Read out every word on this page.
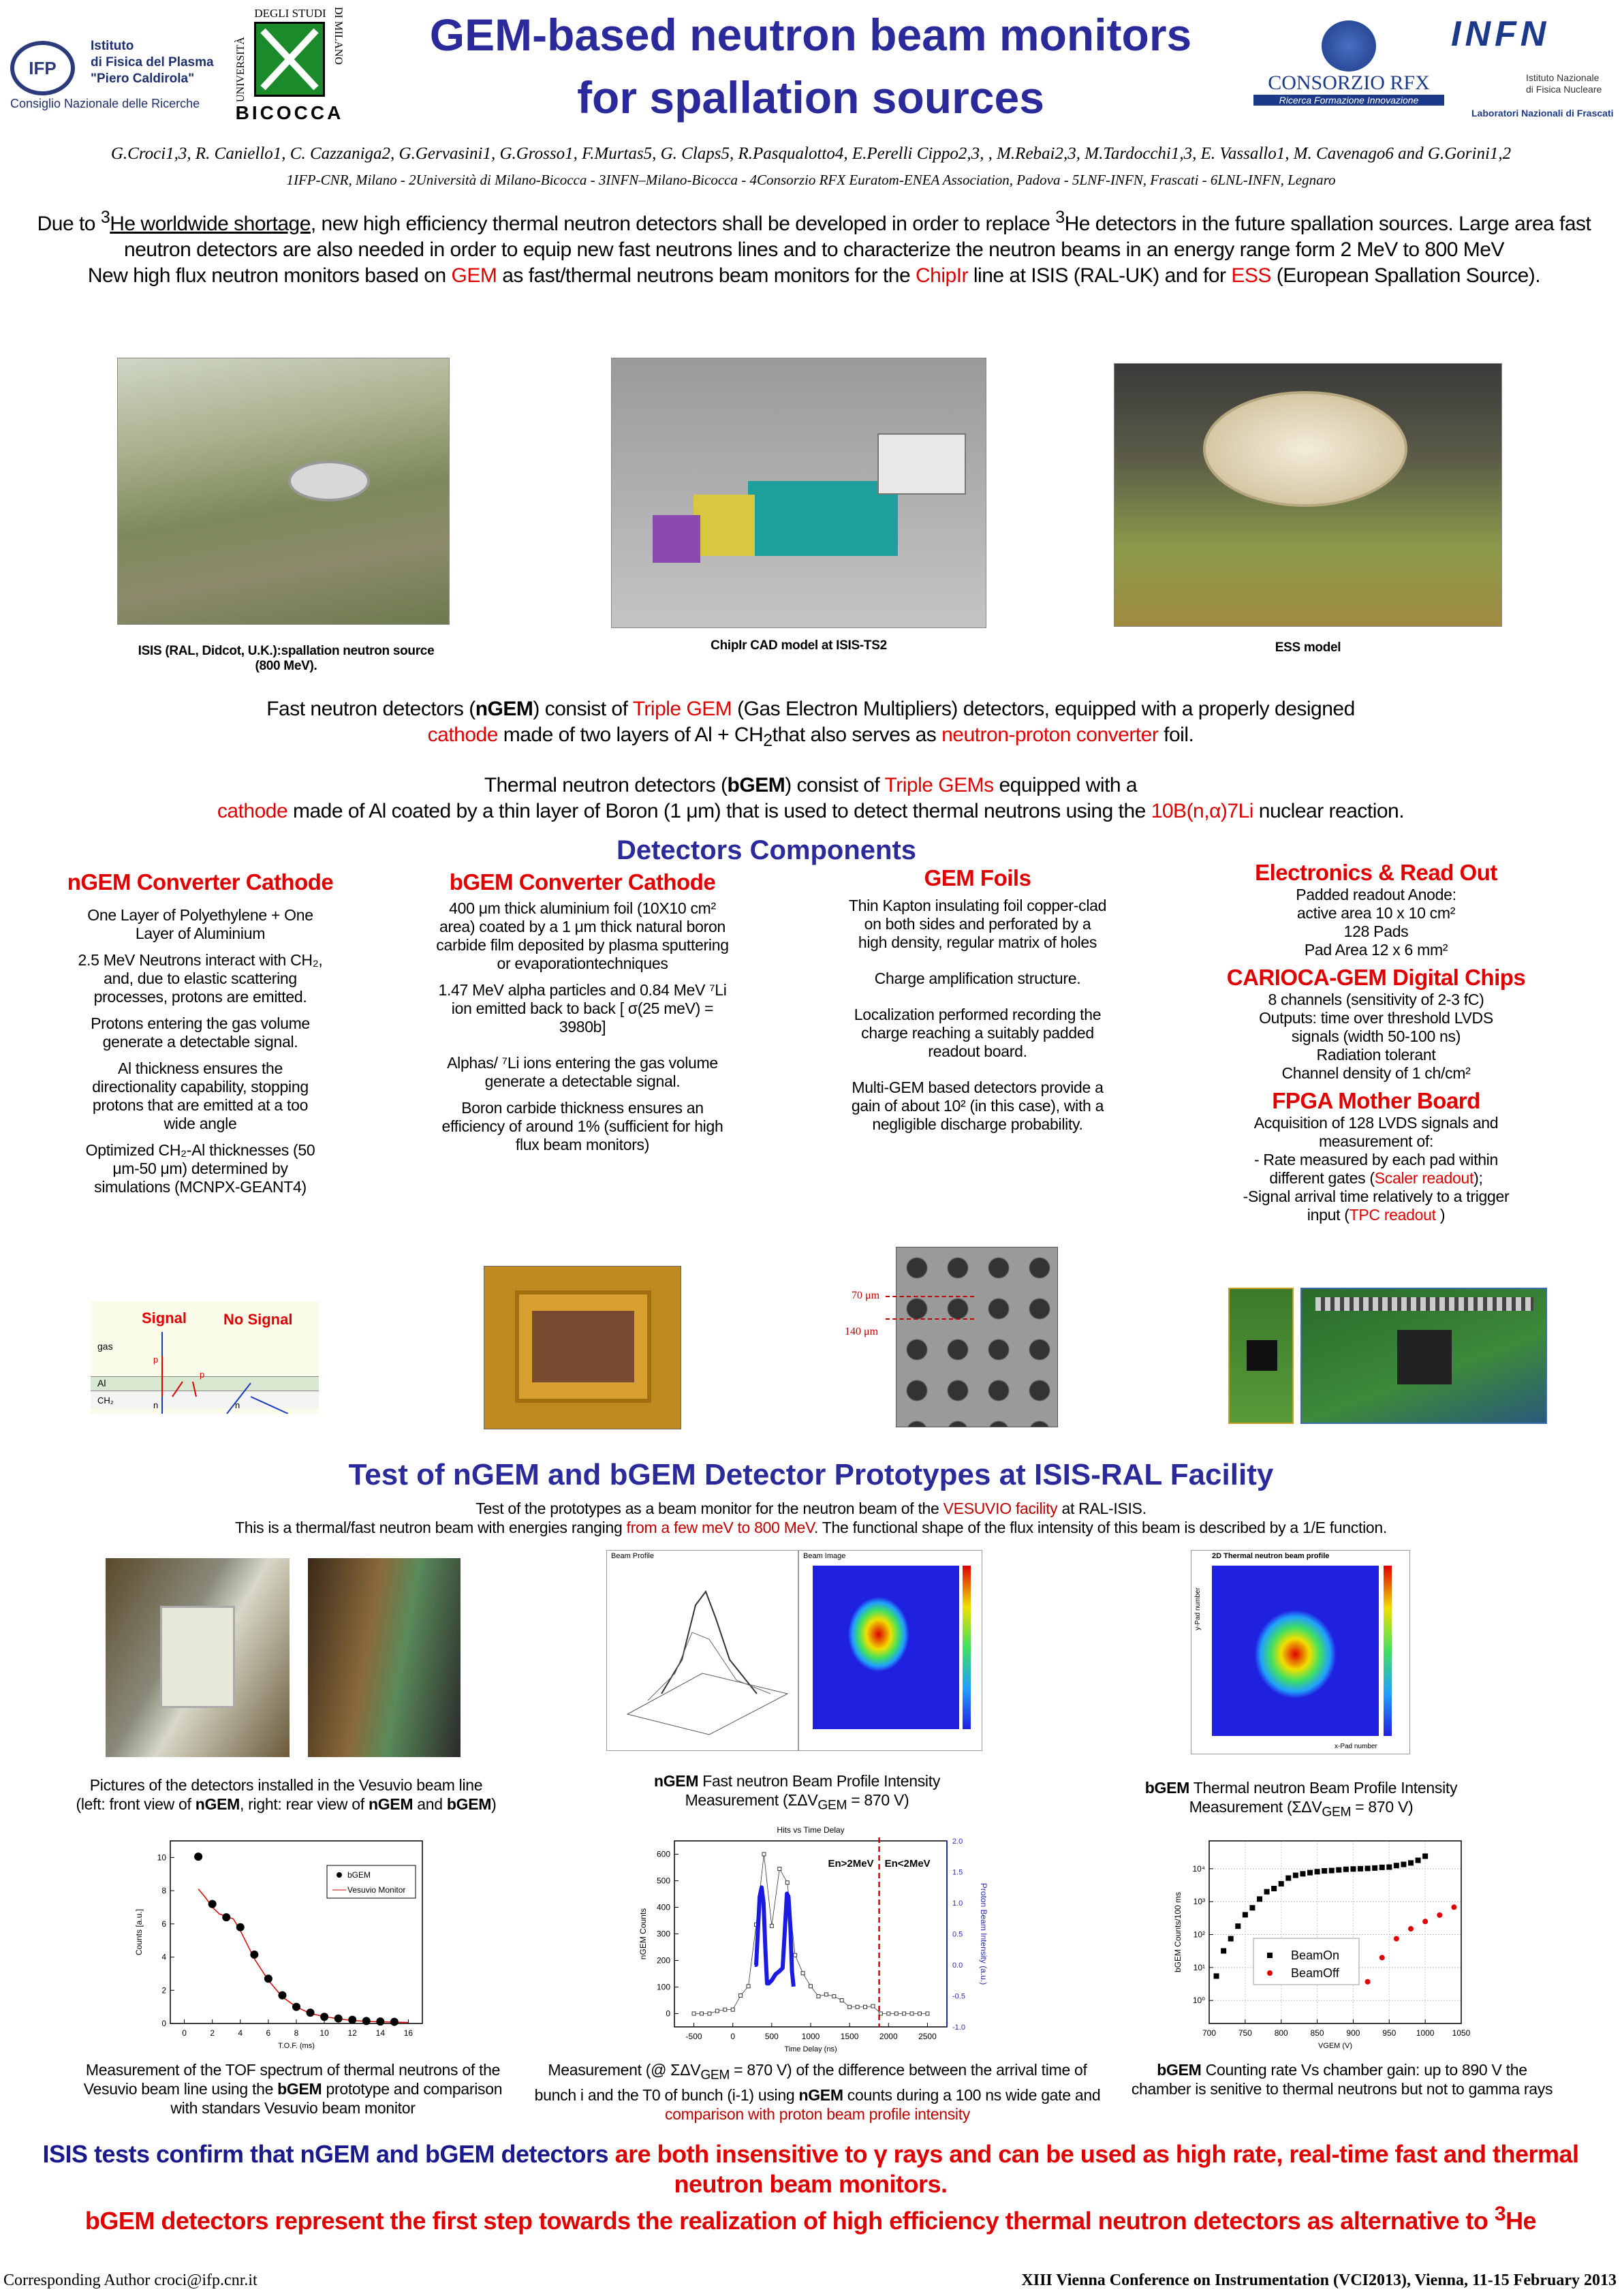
IFP
Istituto
di Fisica del Plasma
"Piero Caldirola"
Consiglio Nazionale delle Ricerche
UNIVERSITÀ
DEGLI STUDI DI MILANO
BICOCCA
GEM-based neutron beam monitors
for spallation sources	CONSORZIO RFX
Ricerca Formazione Innovazione
INFN
Istituto Nazionale
di Fisica Nucleare
Laboratori Nazionali di Frascati
G.Croci1,3, R. Caniello1, C. Cazzaniga2, G.Gervasini1, G.Grosso1, F.Murtas5, G. Claps5, R.Pasqualotto4, E.Perelli Cippo2,3, , M.Rebai2,3, M.Tardocchi1,3, E. Vassallo1, M. Cavenago6 and G.Gorini1,2
1IFP-CNR, Milano - 2Università di Milano-Bicocca - 3INFN–Milano-Bicocca - 4Consorzio RFX Euratom-ENEA Association, Padova - 5LNF-INFN, Frascati - 6LNL-INFN, Legnaro

Due to $^3$He worldwide shortage, new high efficiency thermal neutron detectors shall be developed in order to replace $^3$He detectors in the future spallation sources. Large area fast neutron detectors are also needed in order to equip new fast neutrons lines and to characterize the neutron beams in an energy range form 2 MeV to 800 MeV

New high flux neutron monitors based on GEM as fast/thermal neutrons beam monitors for the ChipIr line at ISIS (RAL-UK) and for ESS (European Spallation Source).

ISIS (RAL, Didcot, U.K.):spallation neutron source (800 MeV).
ChipIr CAD model at ISIS-TS2	ESS model
Fast neutron detectors (nGEM) consist of Triple GEM (Gas Electron Multipliers) detectors, equipped with a properly designed
cathode made of two layers of $Al + CH_2that$ also serves as neutron-proton converter foil.
Thermal neutron detectors (bGEM) consist of Triple GEMs equipped with a
cathode made of Al coated by a thin layer of Boron (1 μm) that is used to detect thermal neutrons using the 10B(n,α)7Li nuclear reaction.
Detectors Components
nGEM Converter Cathode

One Layer of Polyethylene + One Layer of Aluminium

2.5 MeV Neutrons interact with CH₂, and, due to elastic scattering processes, protons are emitted.

Protons entering the gas volume generate a detectable signal.

Al thickness ensures the directionality capability, stopping protons that are emitted at a too wide angle

Optimized CH₂-Al thicknesses (50 μm-50 μm) determined by simulations (MCNPX-GEANT4)

Signal No Signal
gas
Al
CH₂
p
p
n	n
bGEM Converter Cathode

400 μm thick aluminium foil (10X10 cm² area) coated by a 1 μm thick natural boron carbide film deposited by plasma sputtering or evaporationtechniques

1.47 MeV alpha particles and 0.84 MeV ⁷Li ion emitted back to back [ σ(25 meV) = 3980b]

Alphas/ ⁷Li ions entering the gas volume generate a detectable signal.

Boron carbide thickness ensures an efficiency of around 1% (sufficient for high flux beam monitors)

GEM Foils

Thin Kapton insulating foil copper-clad on both sides and perforated by a high density, regular matrix of holes

Charge amplification structure.

Localization performed recording the charge reaching a suitably padded readout board.

Multi-GEM based detectors provide a gain of about 10² (in this case), with a negligible discharge probability.

70 μm
140 μm
Electronics & Read Out
Padded readout Anode:
active area 10 x 10 cm²
128 Pads
Pad Area 12 x 6 mm²
CARIOCA-GEM Digital Chips
8 channels (sensitivity of 2-3 fC)
Outputs: time over threshold LVDS
signals (width 50-100 ns)
Radiation tolerant
Channel density of 1 ch/cm²
FPGA Mother Board
Acquisition of 128 LVDS signals and measurement of:
- Rate measured by each pad within different gates (Scaler readout);
-Signal arrival time relatively to a trigger input (TPC readout )
Test of nGEM and bGEM Detector Prototypes at ISIS-RAL Facility
Test of the prototypes as a beam monitor for the neutron beam of the VESUVIO facility at RAL-ISIS.
This is a thermal/fast neutron beam with energies ranging from a few meV to 800 MeV. The functional shape of the flux intensity of this beam is described by a 1/E function.
Beam Profile	Beam Image	2D Thermal neutron beam profile
x-Pad number
y-Pad number
Pictures of the detectors installed in the Vesuvio beam line
(left: front view of nGEM, right: rear view of nGEM and bGEM)
nGEM Fast neutron Beam Profile Intensity Measurement ($\Sigma\Delta V_{GEM} = 870$ V)
bGEM Thermal neutron Beam Profile Intensity Measurement ($\Sigma\Delta V_{GEM} = 870$ V)
0	2	4	6	8	10 12 14 16
0
2
4
6
8
10
T.O.F. (ms)
Counts [a.u.]
bGEM
Vesuvio Monitor
-500	0	500	1000	1500	2000	2500
0
100
200
300
400
500
600
Time Delay (ns)
nGEM Counts
-1.0
-0.5
0.0
0.5
1.0
1.5
2.0
Proton Beam Intensity (a.u.)
Hits vs Time Delay
En>2MeV En<2MeV
700	750	800	850	900	950 1000 1050
10⁰
10¹
10²
10³
10⁴
VGEM (V)
bGEM Counts/100 ms	BeamOn
BeamOff
Measurement of the TOF spectrum of thermal neutrons of the Vesuvio beam line using the bGEM prototype and comparison with standars Vesuvio beam monitor
Measurement (@ $\Sigma\Delta V_{GEM} = 870$ V) of the difference between the arrival time of bunch i and the T0 of bunch (i-1) using nGEM counts during a 100 ns wide gate and comparison with proton beam profile intensity
bGEM Counting rate Vs chamber gain: up to 890 V the chamber is senitive to thermal neutrons but not to gamma rays
ISIS tests confirm that nGEM and bGEM detectors are both insensitive to γ rays and can be used as high rate, real-time fast and thermal neutron beam monitors.
bGEM detectors represent the first step towards the realization of high efficiency thermal neutron detectors as alternative to $^3$He
Corresponding Author croci@ifp.cnr.it	XIII Vienna Conference on Instrumentation (VCI2013), Vienna, 11-15 February 2013
